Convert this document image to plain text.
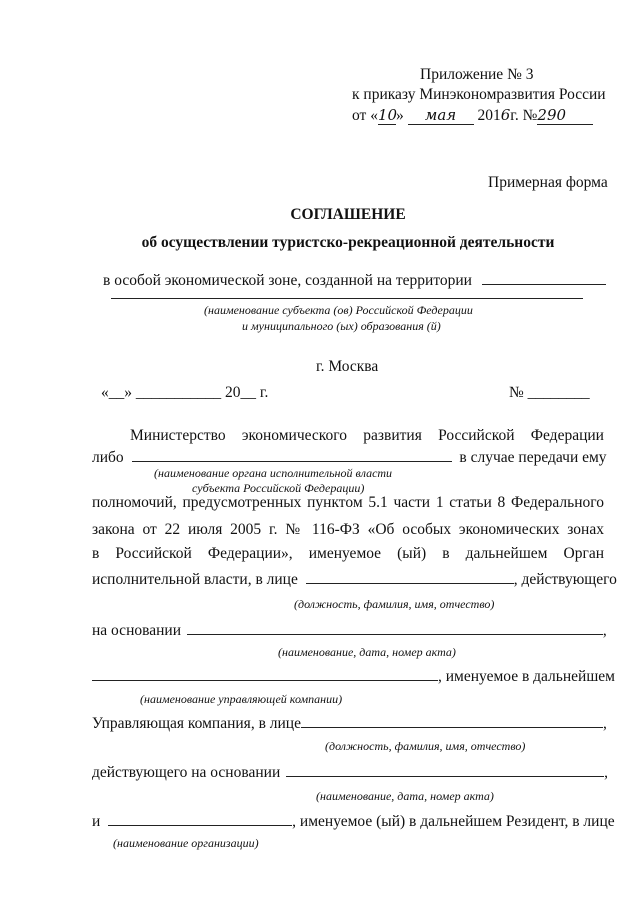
Приложение № 3
к приказу Минэкономразвития России
от «10» мая 2016г. №290
Примерная форма
СОГЛАШЕНИЕ
об осуществлении туристско-рекреационной деятельности
в особой экономической зоне, созданной на территории
(наименование субъекта (ов) Российской Федерации
и муниципального (ых) образования (й)
г. Москва
«__» ___________ 20__ г.	№ ________
Министерство экономического развития Российской Федерации
либо	в случае передачи ему
(наименование органа исполнительной власти
субъекта Российской Федерации)
полномочий, предусмотренных пунктом 5.1 части 1 статьи 8 Федерального
закона от 22 июля 2005 г. № 116-ФЗ «Об особых экономических зонах
в Российской Федерации», именуемое (ый) в дальнейшем Орган
исполнительной власти, в лице	, действующего
(должность, фамилия, имя, отчество)
на основании	,
(наименование, дата, номер акта)
, именуемое в дальнейшем
(наименование управляющей компании)
Управляющая компания, в лице	,
(должность, фамилия, имя, отчество)
действующего на основании	,
(наименование, дата, номер акта)
и	, именуемое (ый) в дальнейшем Резидент, в лице
(наименование организации)
